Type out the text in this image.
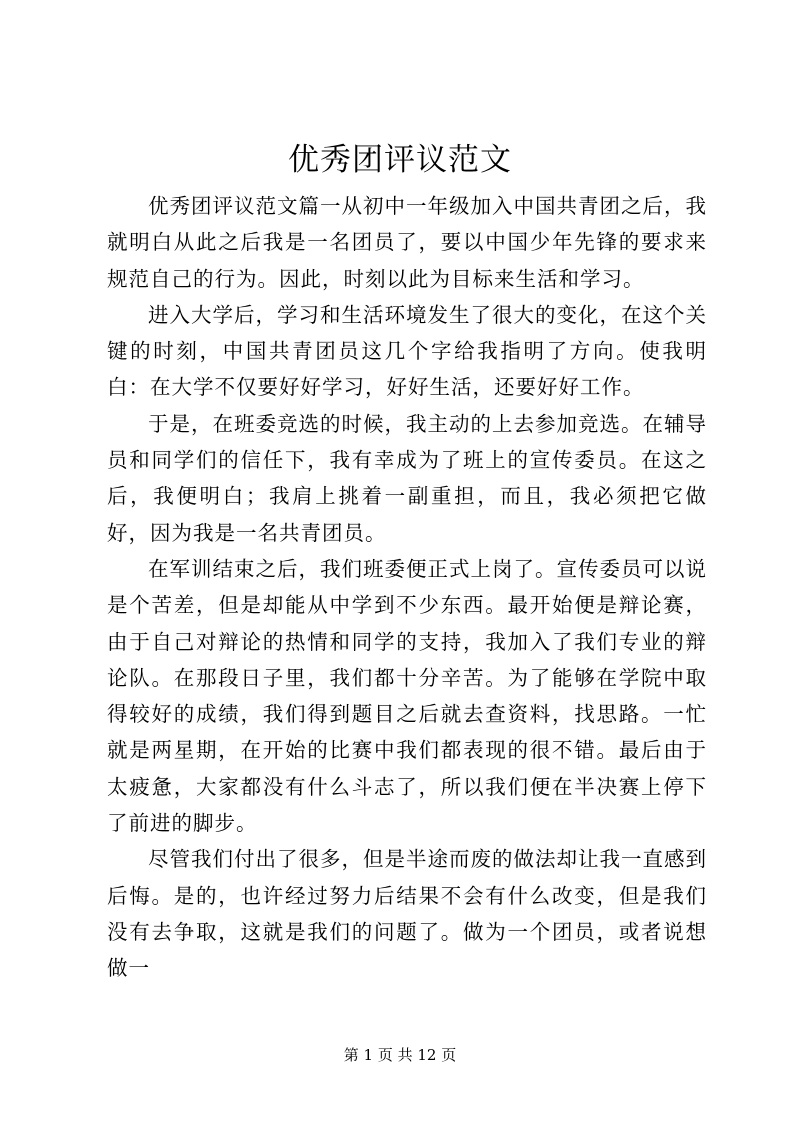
优秀团评议范文

优秀团评议范文篇一从初中一年级加入中国共青团之后，我就明白从此之后我是一名团员了，要以中国少年先锋的要求来规范自己的行为。因此，时刻以此为目标来生活和学习。

进入大学后，学习和生活环境发生了很大的变化，在这个关键的时刻，中国共青团员这几个字给我指明了方向。使我明白：在大学不仅要好好学习，好好生活，还要好好工作。

于是，在班委竞选的时候，我主动的上去参加竞选。在辅导员和同学们的信任下，我有幸成为了班上的宣传委员。在这之后，我便明白；我肩上挑着一副重担，而且，我必须把它做好，因为我是一名共青团员。

在军训结束之后，我们班委便正式上岗了。宣传委员可以说是个苦差，但是却能从中学到不少东西。最开始便是辩论赛，由于自己对辩论的热情和同学的支持，我加入了我们专业的辩论队。在那段日子里，我们都十分辛苦。为了能够在学院中取得较好的成绩，我们得到题目之后就去查资料，找思路。一忙就是两星期，在开始的比赛中我们都表现的很不错。最后由于太疲惫，大家都没有什么斗志了，所以我们便在半决赛上停下了前进的脚步。

尽管我们付出了很多，但是半途而废的做法却让我一直感到后悔。是的，也许经过努力后结果不会有什么改变，但是我们没有去争取，这就是我们的问题了。做为一个团员，或者说想做一

第 1 页 共 12 页
